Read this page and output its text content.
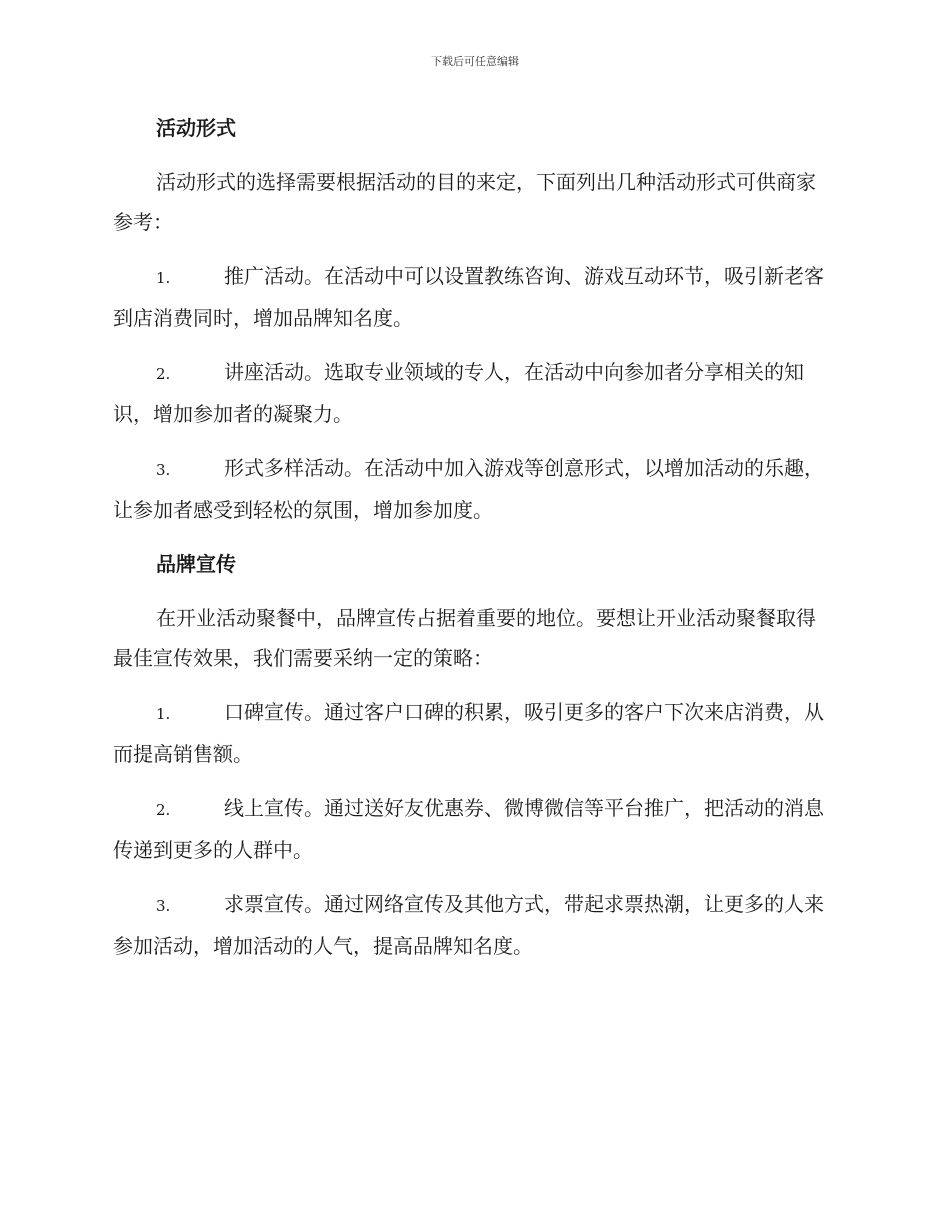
下载后可任意编辑
活动形式

活动形式的选择需要根据活动的目的来定，下面列出几种活动形式可供商家参考：

1.	推广活动。在活动中可以设置教练咨询、游戏互动环节，吸引新老客到店消费同时，增加品牌知名度。

2.	讲座活动。选取专业领域的专人，在活动中向参加者分享相关的知识，增加参加者的凝聚力。

3.	形式多样活动。在活动中加入游戏等创意形式，以增加活动的乐趣，让参加者感受到轻松的氛围，增加参加度。

品牌宣传

在开业活动聚餐中，品牌宣传占据着重要的地位。要想让开业活动聚餐取得最佳宣传效果，我们需要采纳一定的策略：

1.	口碑宣传。通过客户口碑的积累，吸引更多的客户下次来店消费，从而提高销售额。

2.	线上宣传。通过送好友优惠券、微博微信等平台推广，把活动的消息传递到更多的人群中。

3.	求票宣传。通过网络宣传及其他方式，带起求票热潮，让更多的人来参加活动，增加活动的人气，提高品牌知名度。
